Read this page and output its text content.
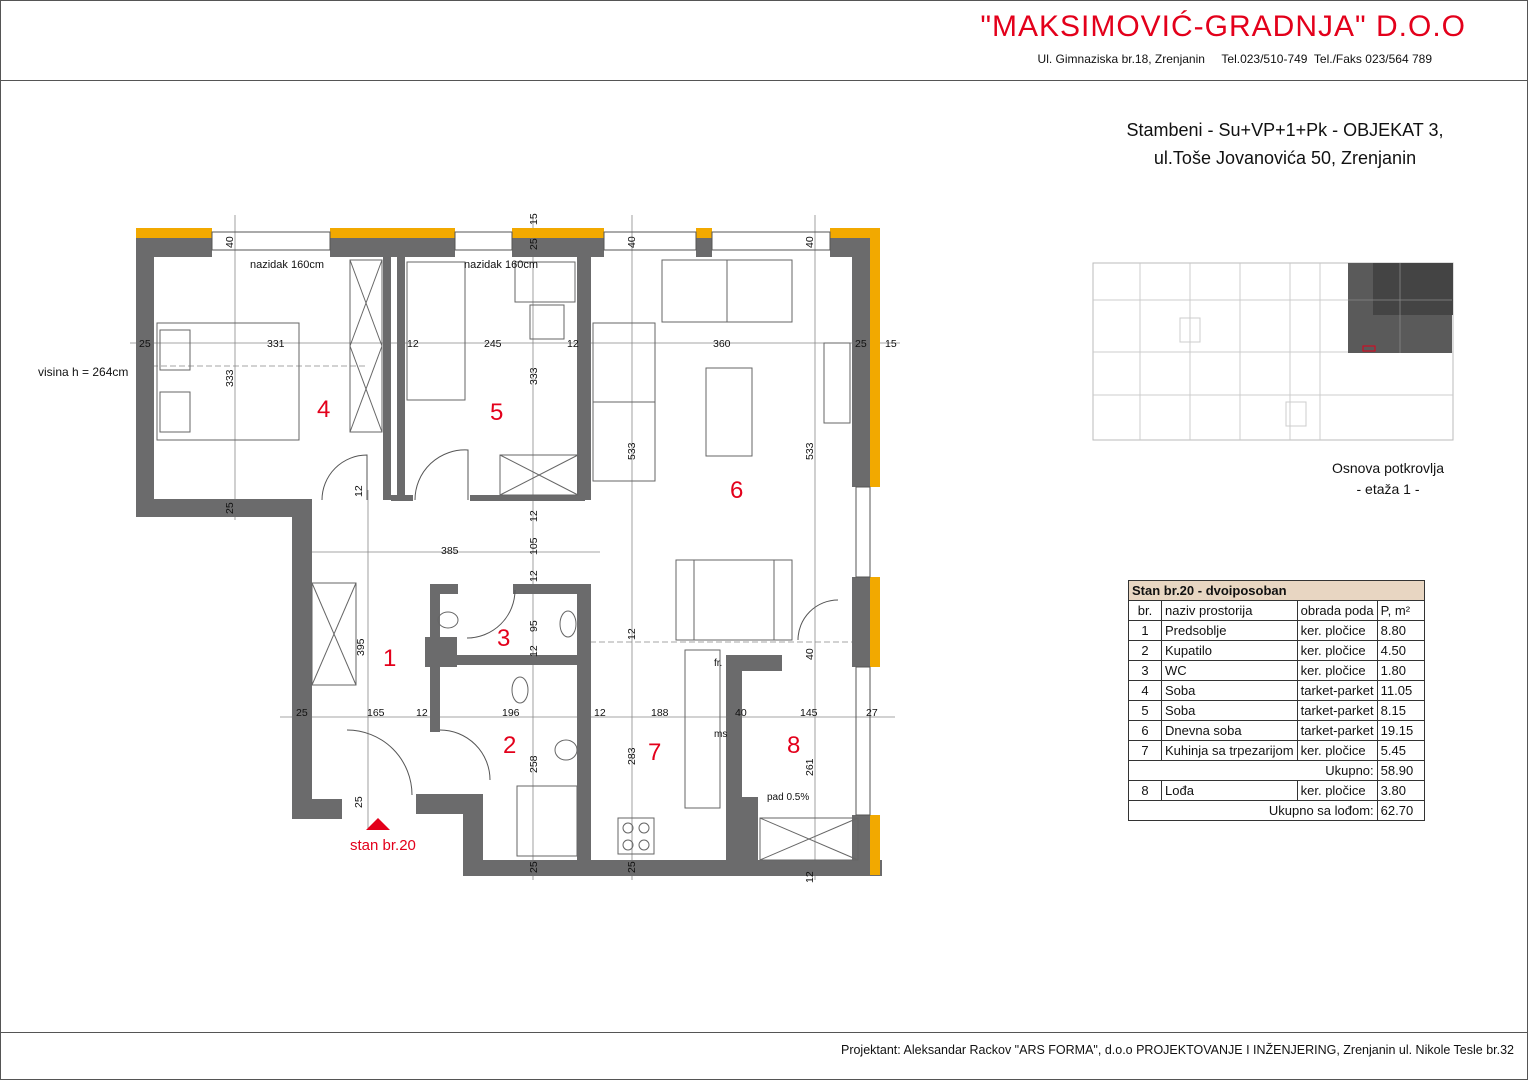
"MAKSIMOVIĆ-GRADNJA" D.O.O
Ul. Gimnaziska br.18, Zrenjanin     Tel.023/510-749  Tel./Faks 023/564 789
Stambeni - Su+VP+1+Pk - OBJEKAT 3,
ul.Toše Jovanovića 50, Zrenjanin
1
2
3
4	5
6
7	8
visina h = 264cm
nazidak 160cm	nazidak 160cm
fr.
ms
pad 0.5%
stan br.20
25	331	12	245	12	360	25 15
385
25	165	12	196	12	188	40	145	27
40
15
25	40	40
333	333
533	533
12
25
12
105
12
95
12
12
395
258	283
261
40
25
25	25
12
Osnova potkrovlja
- etaža 1 -
Stan br.20 - dvoiposoban			
br.	naziv prostorija	obrada poda	P, m²
1	Predsoblje	ker. pločice	8.80
2	Kupatilo	ker. pločice	4.50
3	WC	ker. pločice	1.80
4	Soba	tarket-parket	11.05
5	Soba	tarket-parket	8.15
6	Dnevna soba	tarket-parket	19.15
7	Kuhinja sa trpezarijom	ker. pločice	5.45
Ukupno:			58.90
8	Lođa	ker. pločice	3.80
Ukupno sa lođom:			62.70
Projektant: Aleksandar Rackov "ARS FORMA", d.o.o PROJEKTOVANJE I INŽENJERING, Zrenjanin ul. Nikole Tesle br.32
